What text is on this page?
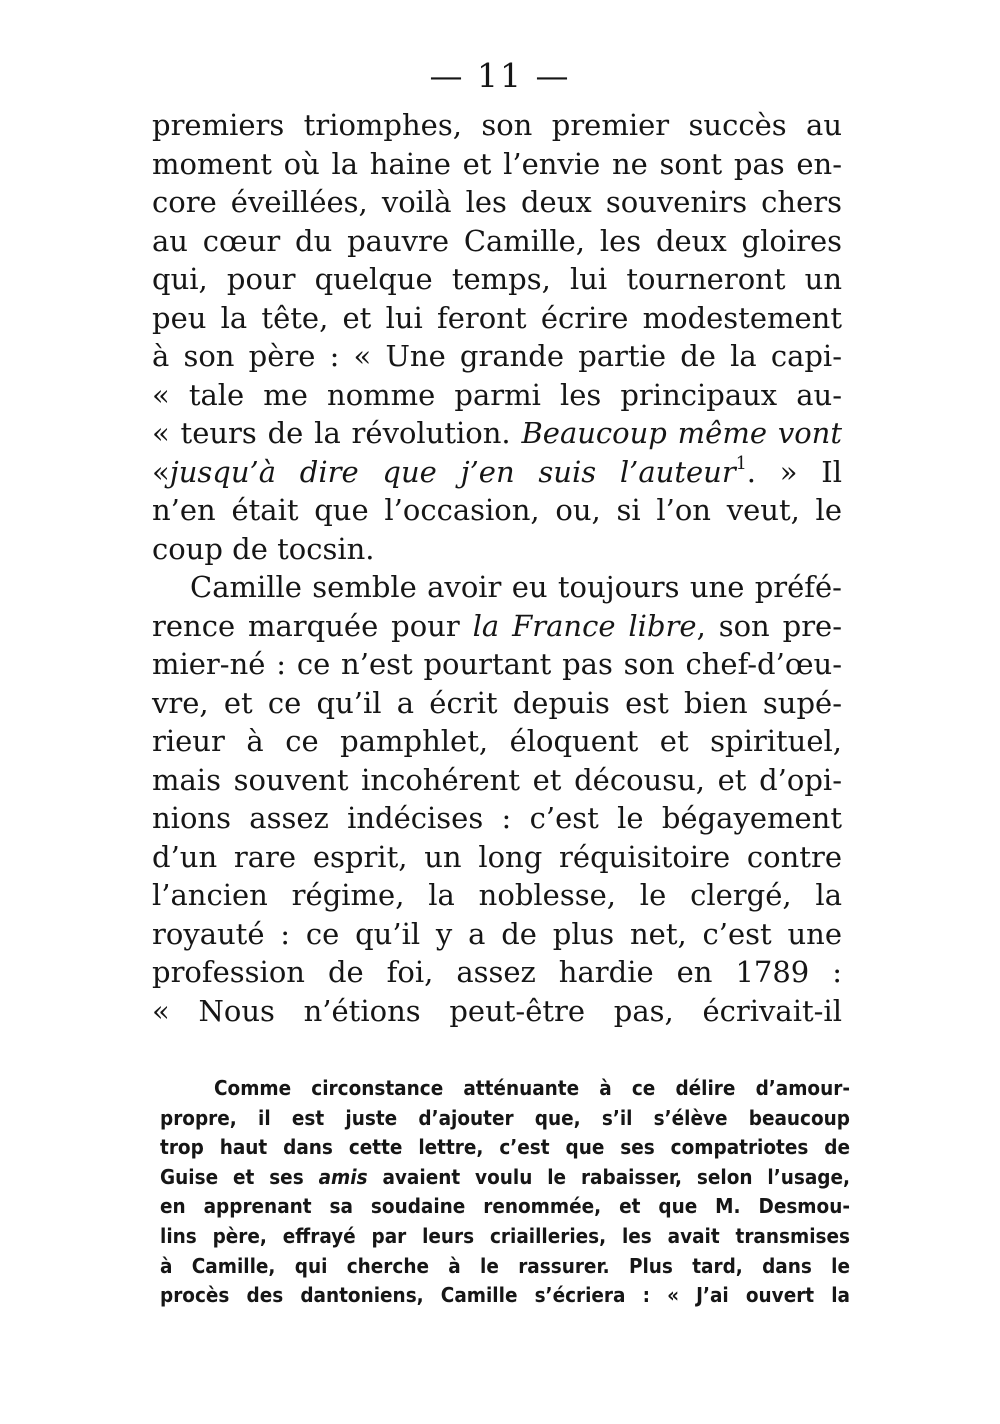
— 11 —
premiers triomphes, son premier succès au
moment où la haine et l’envie ne sont pas en-
core éveillées, voilà les deux souvenirs chers
au cœur du pauvre Camille, les deux gloires
qui, pour quelque temps, lui tourneront un
peu la tête, et lui feront écrire modestement
à son père : « Une grande partie de la capi-
« tale me nomme parmi les principaux au-
« teurs de la révolution. Beaucoup même vont
«jusqu’à dire que j’en suis l’auteur$^1$. » Il
n’en était que l’occasion, ou, si l’on veut, le
coup de tocsin.
Camille semble avoir eu toujours une préfé-
rence marquée pour la France libre, son pre-
mier-né : ce n’est pourtant pas son chef-d’œu-
vre, et ce qu’il a écrit depuis est bien supé-
rieur à ce pamphlet, éloquent et spirituel,
mais souvent incohérent et décousu, et d’opi-
nions assez indécises : c’est le bégayement
d’un rare esprit, un long réquisitoire contre
l’ancien régime, la noblesse, le clergé, la
royauté : ce qu’il y a de plus net, c’est une
profession de foi, assez hardie en 1789 :
« Nous n’étions peut-être pas, écrivait-il
Comme circonstance atténuante à ce délire d’amour-
propre, il est juste d’ajouter que, s’il s’élève beaucoup
trop haut dans cette lettre, c’est que ses compatriotes de
Guise et ses amis avaient voulu le rabaisser, selon l’usage,
en apprenant sa soudaine renommée, et que M. Desmou-
lins père, effrayé par leurs criailleries, les avait transmises
à Camille, qui cherche à le rassurer. Plus tard, dans le
procès des dantoniens, Camille s’écriera : « J’ai ouvert la
